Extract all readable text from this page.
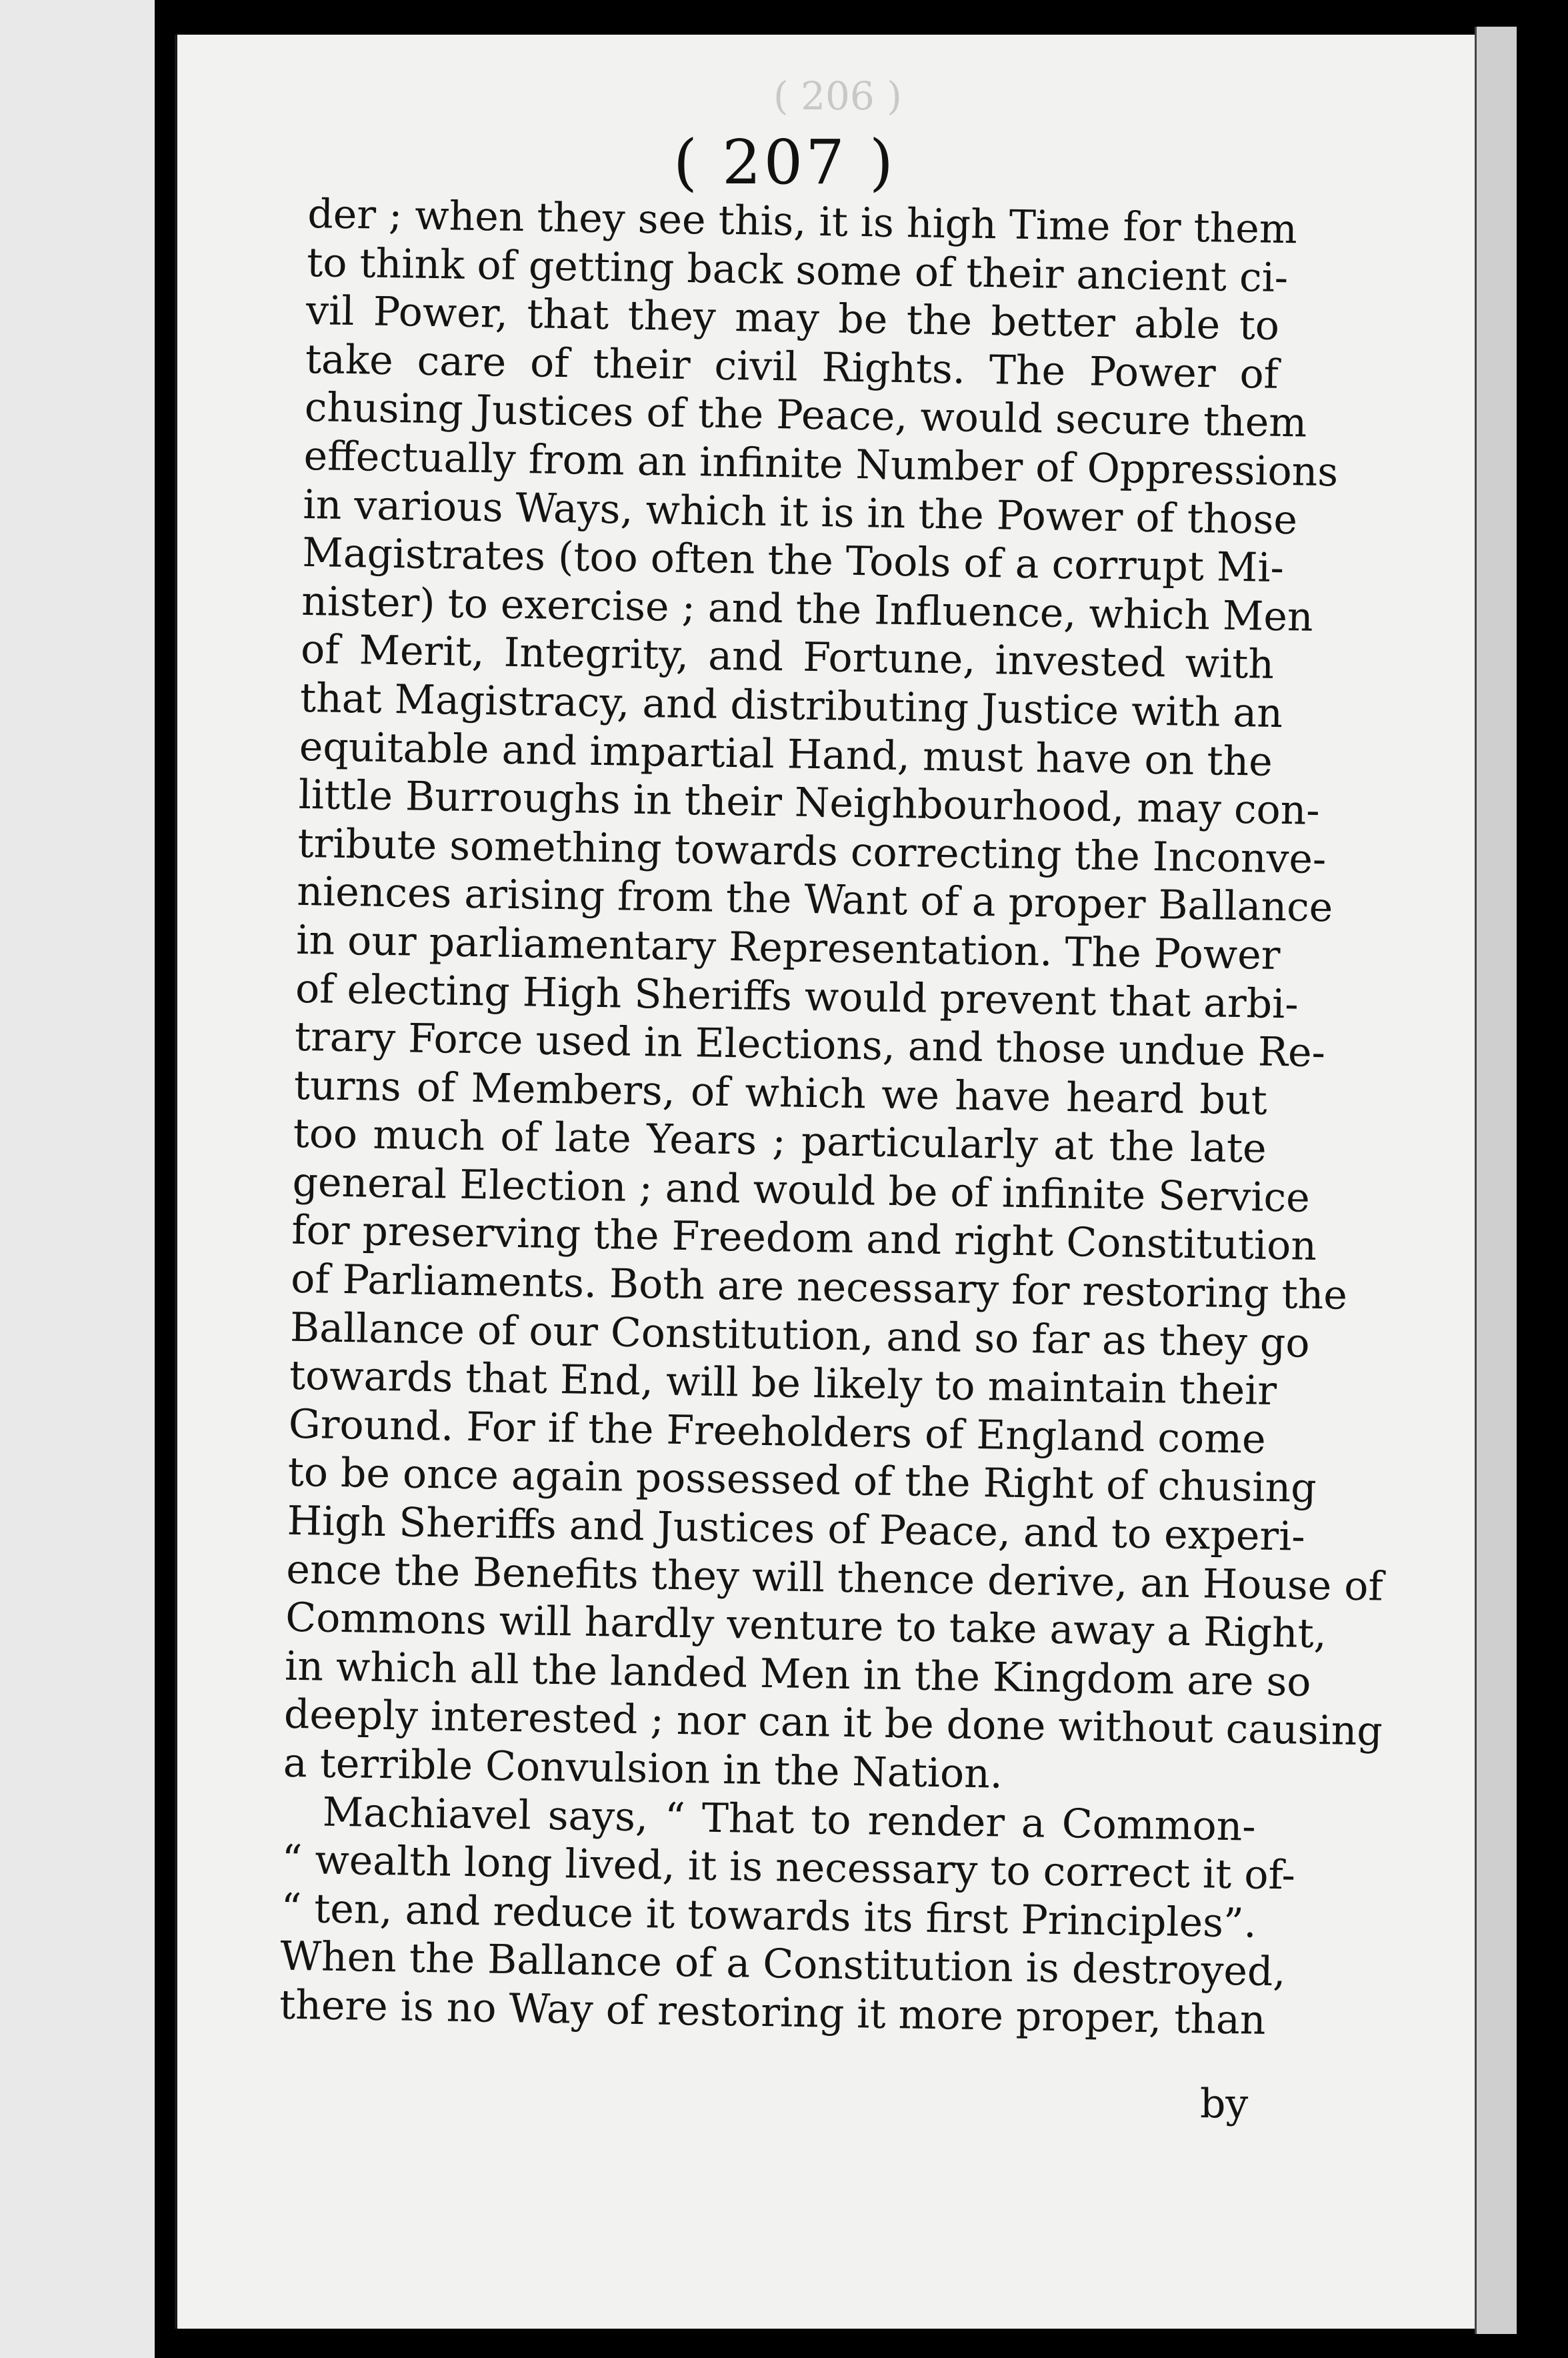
( 206 )
( 207 )
der ; when they see this, it is high Time for them
to think of getting back some of their ancient ci-
vil Power, that they may be the better able to
take care of their civil Rights. The Power of
chusing Justices of the Peace, would secure them
effectually from an infinite Number of Oppressions
in various Ways, which it is in the Power of those
Magistrates (too often the Tools of a corrupt Mi-
nister) to exercise ; and the Influence, which Men
of Merit, Integrity, and Fortune, invested with
that Magistracy, and distributing Justice with an
equitable and impartial Hand, must have on the
little Burroughs in their Neighbourhood, may con-
tribute something towards correcting the Inconve-
niences arising from the Want of a proper Ballance
in our parliamentary Representation. The Power
of electing High Sheriffs would prevent that arbi-
trary Force used in Elections, and those undue Re-
turns of Members, of which we have heard but
too much of late Years ; particularly at the late
general Election ; and would be of infinite Service
for preserving the Freedom and right Constitution
of Parliaments. Both are necessary for restoring the
Ballance of our Constitution, and so far as they go
towards that End, will be likely to maintain their
Ground. For if the Freeholders of England come
to be once again possessed of the Right of chusing
High Sheriffs and Justices of Peace, and to experi-
ence the Benefits they will thence derive, an House of
Commons will hardly venture to take away a Right,
in which all the landed Men in the Kingdom are so
deeply interested ; nor can it be done without causing
a terrible Convulsion in the Nation.
Machiavel says, “ That to render a Common-
“ wealth long lived, it is necessary to correct it of-
“ ten, and reduce it towards its first Principles”.
When the Ballance of a Constitution is destroyed,
there is no Way of restoring it more proper, than
by
